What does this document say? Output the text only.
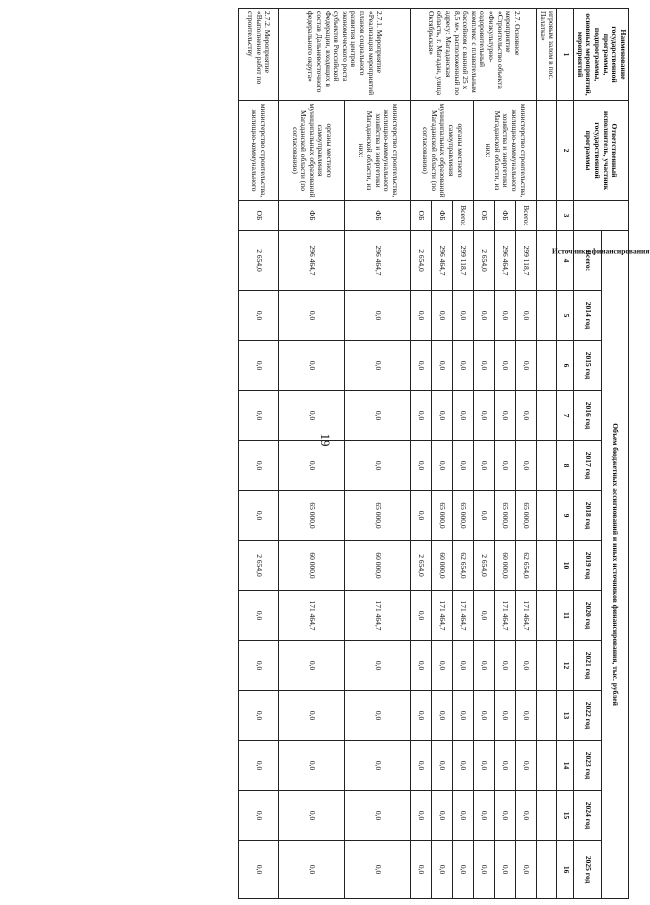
19
Наименование государственной программы, подпрограммы, основных мероприятий, мероприятий	Ответственный исполнитель, участник государственной программы	Источники финансирования	Объем бюджетных ассигнований и иных источников финансирования, тыс. рублей												
			Всего:	2014 год	2015 год	2016 год	2017 год	2018 год	2019 год	2020 год	2021 год	2022 год	2023 год	2024 год	2025 год
1	2	3	4	5	6	7	8	9	10	11	12	13	14	15	16
игровым залом в пос. Палатка»															
2.7. Основное мероприятие «Строительство объекта «Физкультурно-оздоровительный комплекс с плавательным бассейном с ванной 25 х 8,5 м», расположенный по адресу: Магаданская область, г. Магадан, улица Октябрьская»	министерство строительства, жилищно-коммунального хозяйства и энергетики Магаданской области, из них:	Всего:	299 118,7	0,0	0,0	0,0	0,0	65 000,0	62 654,0	171 464,7	0,0	0,0	0,0	0,0	0,0
		ФБ	296 464,7	0,0	0,0	0,0	0,0	65 000,0	60 000,0	171 464,7	0,0	0,0	0,0	0,0	0,0
		ОБ	2 654,0	0,0	0,0	0,0	0,0	0,0	2 654,0	0,0	0,0	0,0	0,0	0,0	0,0
	органы местного самоуправления муниципальных образований Магаданской области (по согласованию)	Всего:	299 118,7	0,0	0,0	0,0	0,0	65 000,0	62 654,0	171 464,7	0,0	0,0	0,0	0,0	0,0
		ФБ	296 464,7	0,0	0,0	0,0	0,0	65 000,0	60 000,0	171 464,7	0,0	0,0	0,0	0,0	0,0
		ОБ	2 654,0	0,0	0,0	0,0	0,0	0,0	2 654,0	0,0	0,0	0,0	0,0	0,0	0,0
2.7.1. Мероприятие «Реализация мероприятий планов социального развития центров экономического роста субъектов Российской Федерации, входящих в состав Дальневосточного федерального округа»	министерство строительства, жилищно-коммунального хозяйства и энергетики Магаданской области, из них:	ФБ	296 464,7	0,0	0,0	0,0	0,0	65 000,0	60 000,0	171 464,7	0,0	0,0	0,0	0,0	0,0
	органы местного самоуправления муниципальных образований Магаданской области (по согласованию)	ФБ	296 464,7	0,0	0,0	0,0	0,0	65 000,0	60 000,0	171 464,7	0,0	0,0	0,0	0,0	0,0
2.7.2. Мероприятие «Выполнение работ по строительству	министерство строительства, жилищно-коммунального	ОБ	2 654,0	0,0	0,0	0,0	0,0	0,0	2 654,0	0,0	0,0	0,0	0,0	0,0	0,0
